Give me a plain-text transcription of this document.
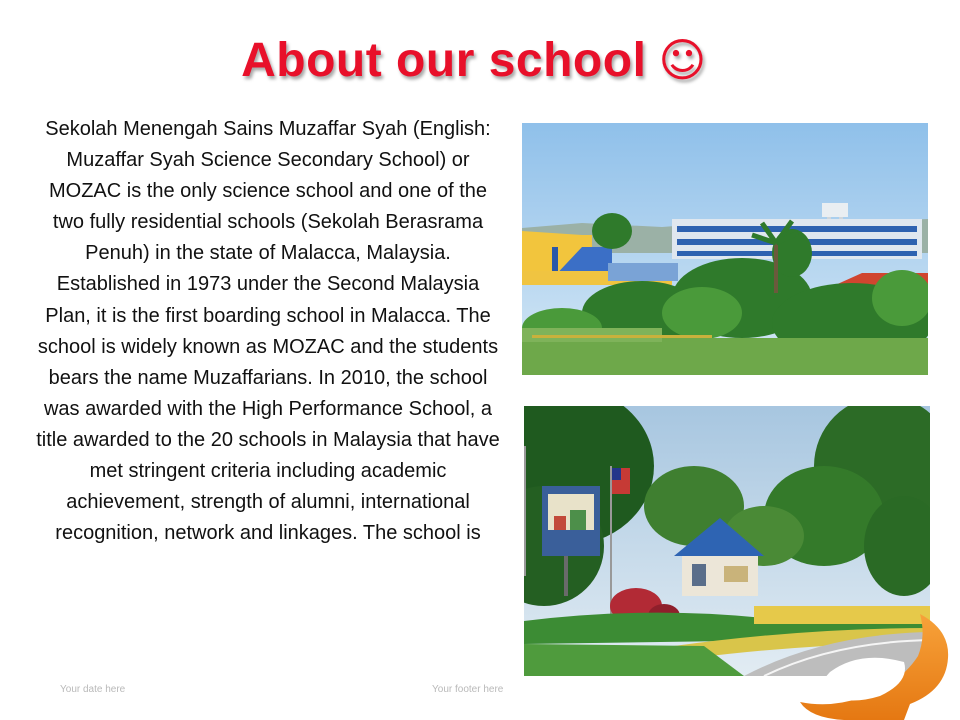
About our school ☺
Sekolah Menengah Sains Muzaffar Syah (English: Muzaffar Syah Science Secondary School) or MOZAC is the only science school and one of the two fully residential schools (Sekolah Berasrama Penuh) in the state of Malacca, Malaysia. Established in 1973 under the Second Malaysia Plan, it is the first boarding school in Malacca. The school is widely known as MOZAC and the students bears the name Muzaffarians. In 2010, the school was awarded with the High Performance School, a title awarded to the 20 schools in Malaysia that have met stringent criteria including academic achievement, strength of alumni, international recognition, network and linkages. The school is
Your date here	Your footer here
